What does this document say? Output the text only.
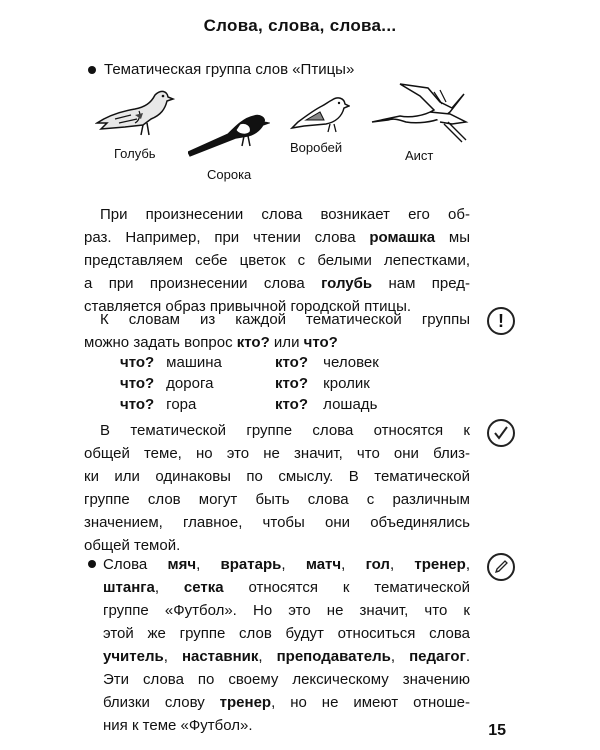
Слова, слова, слова...
Тематическая группа слов «Птицы»
Голубь
Сорока
Воробей
Аист
При произнесении слова возникает его об-
раз. Например, при чтении слова ромашка мы
представляем себе цветок с белыми лепестками,
а при произнесении слова голубь нам пред-
ставляется образ привычной городской птицы.
К словам из каждой тематической группы
можно задать вопрос кто? или что?
что? машина
что? дорога
что? гора
кто? человек
кто? кролик
кто? лошадь
В тематической группе слова относятся к
общей теме, но это не значит, что они близ-
ки или одинаковы по смыслу. В тематической
группе слов могут быть слова с различным
значением, главное, чтобы они объединялись
общей темой.
Слова мяч, вратарь, матч, гол, тренер,
штанга, сетка относятся к тематической
группе «Футбол». Но это не значит, что к
этой же группе слов будут относиться слова
учитель, наставник, преподаватель, педагог.
Эти слова по своему лексическому значению
близки слову тренер, но не имеют отноше-
ния к теме «Футбол».
!
15
